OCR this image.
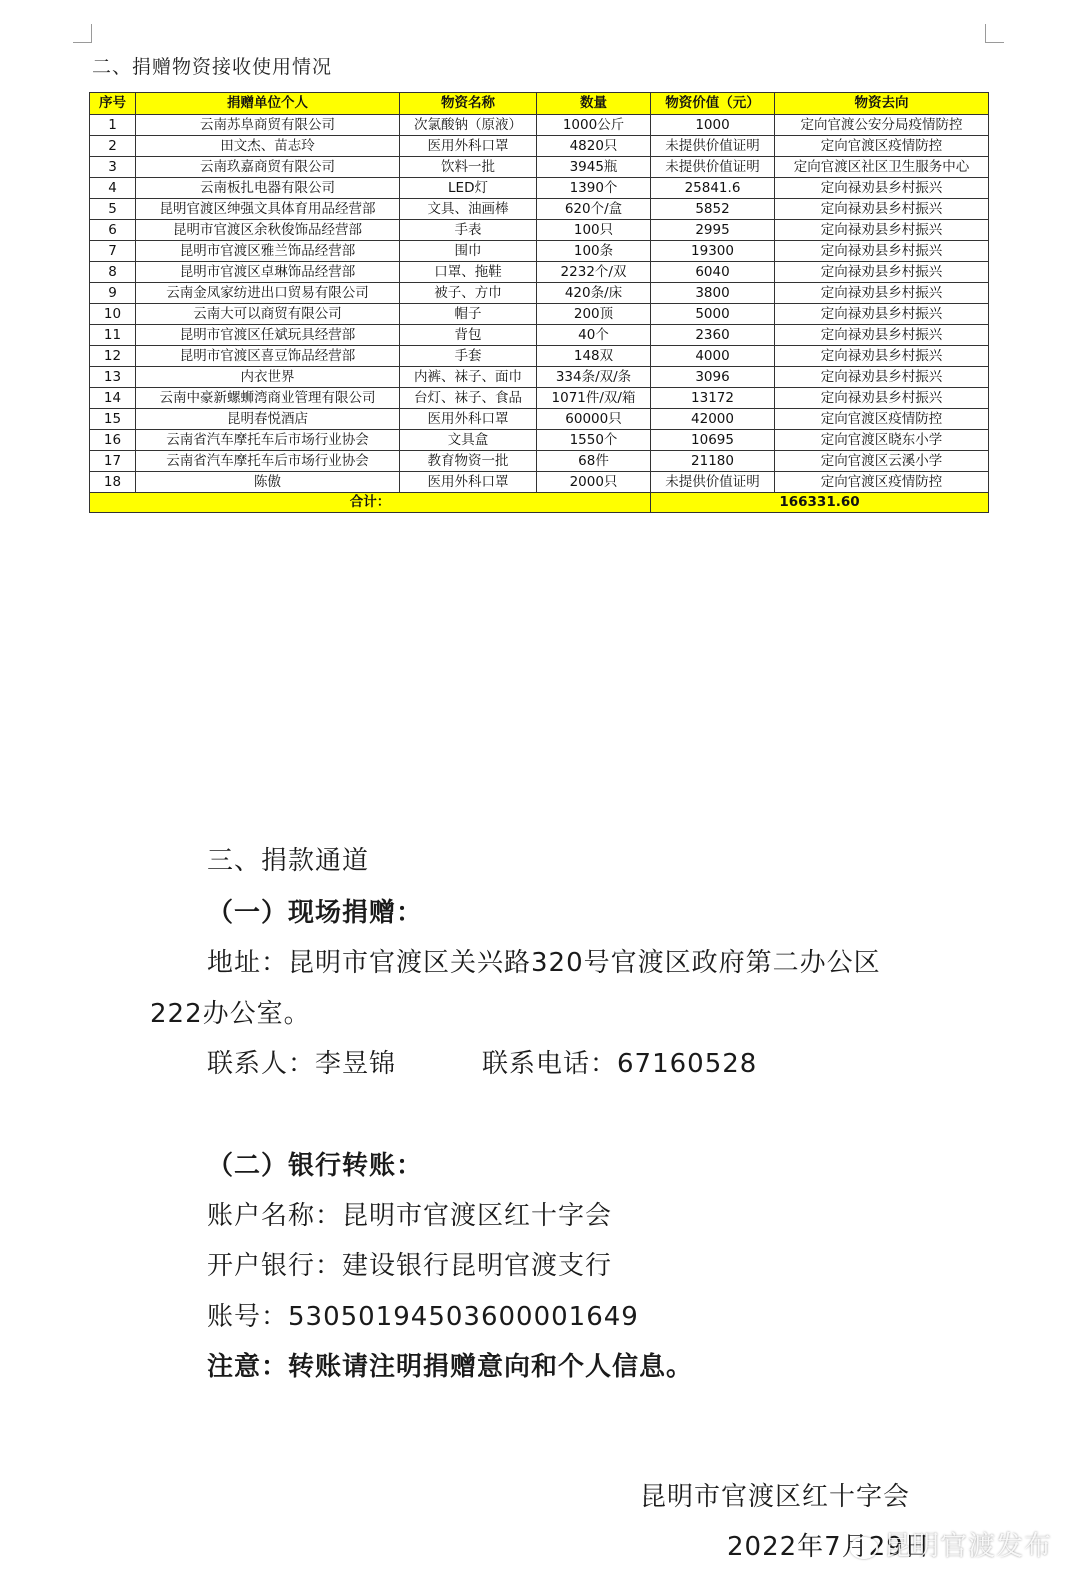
二、捐赠物资接收使用情况
序号	捐赠单位个人	物资名称	数量	物资价值（元）	物资去向
1	云南苏阜商贸有限公司	次氯酸钠（原液）	1000公斤	1000	定向官渡公安分局疫情防控
2	田文杰、苗志玲	医用外科口罩	4820只	未提供价值证明	定向官渡区疫情防控
3	云南玖嘉商贸有限公司	饮料一批	3945瓶	未提供价值证明	定向官渡区社区卫生服务中心
4	云南板扎电器有限公司	LED灯	1390个	25841.6	定向禄劝县乡村振兴
5	昆明官渡区绅强文具体育用品经营部	文具、油画棒	620个/盒	5852	定向禄劝县乡村振兴
6	昆明市官渡区余秋俊饰品经营部	手表	100只	2995	定向禄劝县乡村振兴
7	昆明市官渡区雅兰饰品经营部	围巾	100条	19300	定向禄劝县乡村振兴
8	昆明市官渡区卓琳饰品经营部	口罩、拖鞋	2232个/双	6040	定向禄劝县乡村振兴
9	云南金凤家纺进出口贸易有限公司	被子、方巾	420条/床	3800	定向禄劝县乡村振兴
10	云南大可以商贸有限公司	帽子	200顶	5000	定向禄劝县乡村振兴
11	昆明市官渡区任斌玩具经营部	背包	40个	2360	定向禄劝县乡村振兴
12	昆明市官渡区喜豆饰品经营部	手套	148双	4000	定向禄劝县乡村振兴
13	内衣世界	内裤、袜子、面巾	334条/双/条	3096	定向禄劝县乡村振兴
14	云南中豪新螺蛳湾商业管理有限公司	台灯、袜子、食品	1071件/双/箱	13172	定向禄劝县乡村振兴
15	昆明春悦酒店	医用外科口罩	60000只	42000	定向官渡区疫情防控
16	云南省汽车摩托车后市场行业协会	文具盒	1550个	10695	定向官渡区晓东小学
17	云南省汽车摩托车后市场行业协会	教育物资一批	68件	21180	定向官渡区云溪小学
18	陈傲	医用外科口罩	2000只	未提供价值证明	定向官渡区疫情防控
合计：				166331.60	
三、捐款通道
（一）现场捐赠：
地址：昆明市官渡区关兴路320号官渡区政府第二办公区
222办公室。
联系人：李昱锦	联系电话：67160528
（二）银行转账：
账户名称：昆明市官渡区红十字会
开户银行：建设银行昆明官渡支行
账号：53050194503600001649
注意：转账请注明捐赠意向和个人信息。
昆明市官渡区红十字会
2022年7月29日
昆明官渡发布
